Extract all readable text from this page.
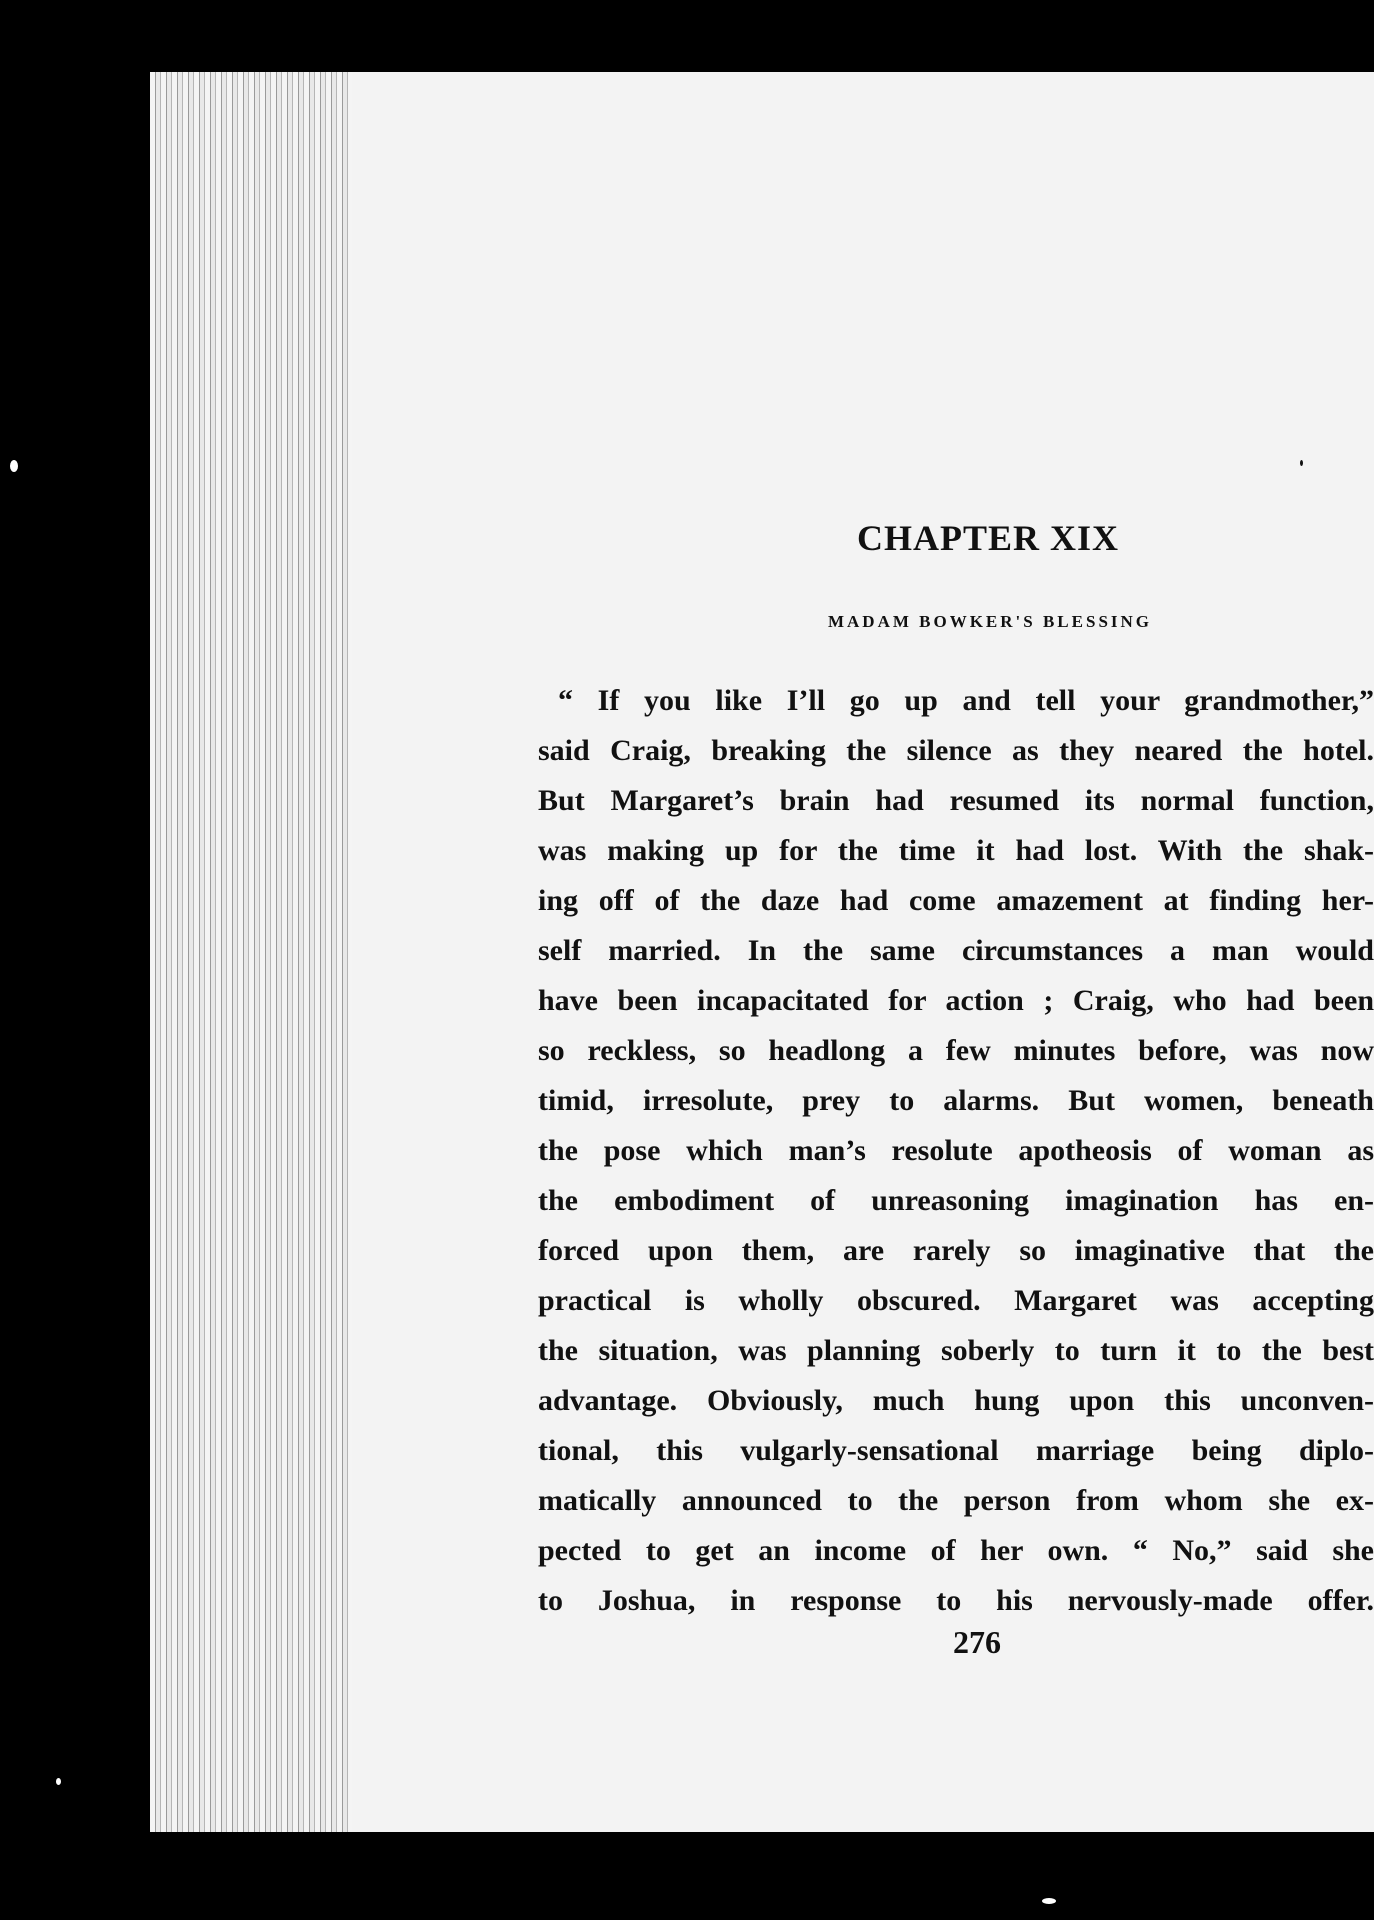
CHAPTER XIX
MADAM BOWKER'S BLESSING
“ If you like I’ll go up and tell your grandmother,”
said Craig, breaking the silence as they neared the hotel.
But Margaret’s brain had resumed its normal function,
was making up for the time it had lost. With the shak-
ing off of the daze had come amazement at finding her-
self married. In the same circumstances a man would
have been incapacitated for action ; Craig, who had been
so reckless, so headlong a few minutes before, was now
timid, irresolute, prey to alarms. But women, beneath
the pose which man’s resolute apotheosis of woman as
the embodiment of unreasoning imagination has en-
forced upon them, are rarely so imaginative that the
practical is wholly obscured. Margaret was accepting
the situation, was planning soberly to turn it to the best
advantage. Obviously, much hung upon this unconven-
tional, this vulgarly-sensational marriage being diplo-
matically announced to the person from whom she ex-
pected to get an income of her own. “ No,” said she
to Joshua, in response to his nervously-made offer.
276
